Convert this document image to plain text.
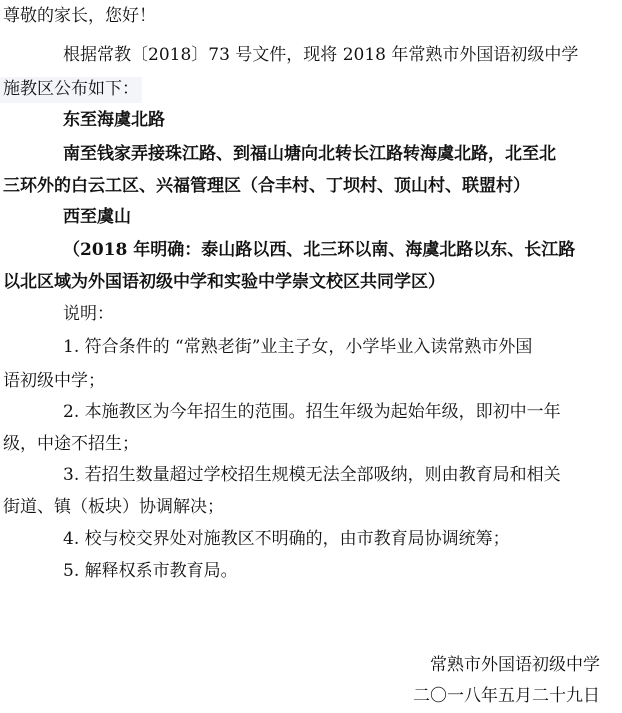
尊敬的家长，您好！
根据常教〔2018〕73 号文件，现将 2018 年常熟市外国语初级中学
施教区公布如下：
东至海虞北路
南至钱家弄接珠江路、到福山塘向北转长江路转海虞北路，北至北
三环外的白云工区、兴福管理区（合丰村、丁坝村、顶山村、联盟村）
西至虞山
（2018 年明确：泰山路以西、北三环以南、海虞北路以东、长江路
以北区域为外国语初级中学和实验中学崇文校区共同学区）
说明：
1. 符合条件的 “常熟老街”业主子女，小学毕业入读常熟市外国
语初级中学；
2. 本施教区为今年招生的范围。招生年级为起始年级，即初中一年
级，中途不招生；
3. 若招生数量超过学校招生规模无法全部吸纳，则由教育局和相关
街道、镇（板块）协调解决；
4. 校与校交界处对施教区不明确的，由市教育局协调统筹；
5. 解释权系市教育局。
常熟市外国语初级中学
二〇一八年五月二十九日
